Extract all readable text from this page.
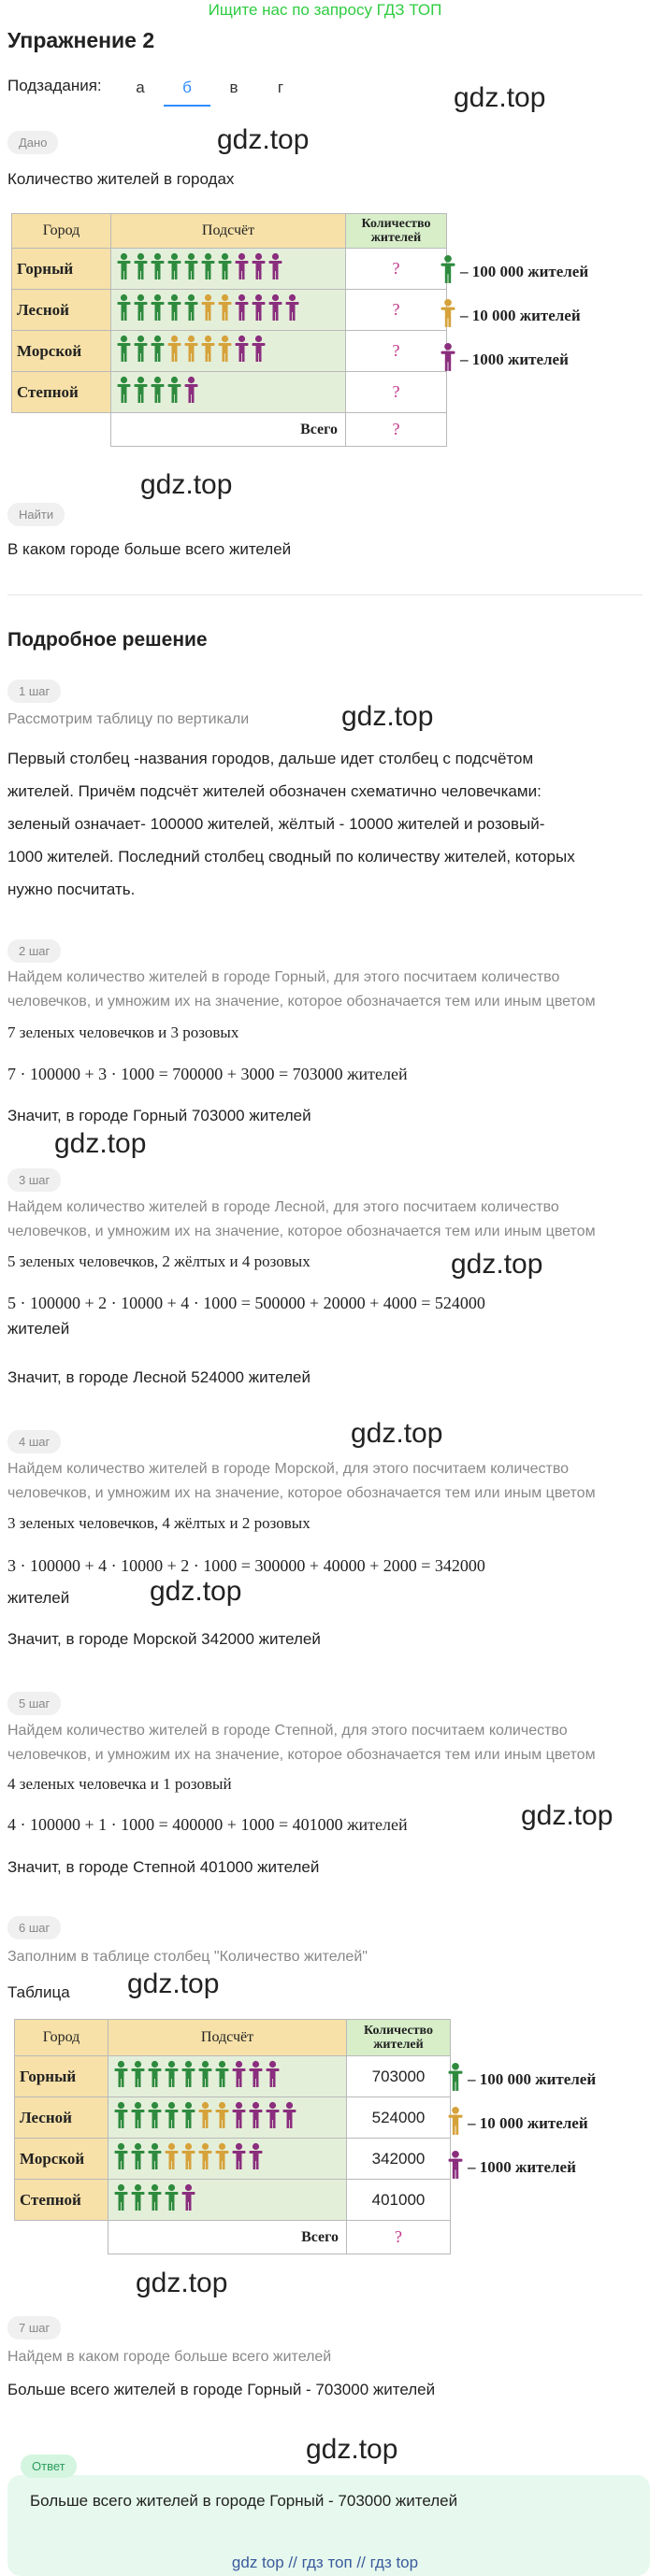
Ищите нас по запросу ГДЗ ТОП
Упражнение 2
Подзадания:	а	б	в	г	gdz.top
Дано	gdz.top
Количество жителей в городах
Город	Подсчёт	Количество жителей
Горный		?
Лесной		?
Морской		?
Степной		?
	Всего	?
– 100 000 жителей
– 10 000 жителей
– 1000 жителей
gdz.top
Найти
В каком городе больше всего жителей
Подробное решение
1 шаг
Рассмотрим таблицу по вертикали	gdz.top
Первый столбец -названия городов, дальше идет столбец с подсчётом
жителей. Причём подсчёт жителей обозначен схематично человечками:
зеленый означает- 100000 жителей, жёлтый - 10000 жителей и розовый-
1000 жителей. Последний столбец сводный по количеству жителей, которых
нужно посчитать.
2 шаг
Найдем количество жителей в городе Горный, для этого посчитаем количество
человечков, и умножим их на значение, которое обозначается тем или иным цветом
7 зеленых человечков и 3 розовых
7 · 100000 + 3 · 1000 = 700000 + 3000 = 703000 жителей
Значит, в городе Горный 703000 жителей
gdz.top
3 шаг
Найдем количество жителей в городе Лесной, для этого посчитаем количество
человечков, и умножим их на значение, которое обозначается тем или иным цветом
5 зеленых человечков, 2 жёлтых и 4 розовых	gdz.top
5 · 100000 + 2 · 10000 + 4 · 1000 = 500000 + 20000 + 4000 = 524000
жителей
Значит, в городе Лесной 524000 жителей
gdz.top
4 шаг
Найдем количество жителей в городе Морской, для этого посчитаем количество
человечков, и умножим их на значение, которое обозначается тем или иным цветом
3 зеленых человечков, 4 жёлтых и 2 розовых
3 · 100000 + 4 · 10000 + 2 · 1000 = 300000 + 40000 + 2000 = 342000
жителей	gdz.top
Значит, в городе Морской 342000 жителей
5 шаг
Найдем количество жителей в городе Степной, для этого посчитаем количество
человечков, и умножим их на значение, которое обозначается тем или иным цветом
4 зеленых человечка и 1 розовый
4 · 100000 + 1 · 1000 = 400000 + 1000 = 401000 жителей	gdz.top
Значит, в городе Степной 401000 жителей
6 шаг
Заполним в таблице столбец "Количество жителей"
gdz.top
Таблица
Город	Подсчёт	Количество жителей
Горный		703000
Лесной		524000
Морской		342000
Степной		401000
	Всего	?
– 100 000 жителей
– 10 000 жителей
– 1000 жителей
gdz.top
7 шаг
Найдем в каком городе больше всего жителей
Больше всего жителей в городе Горный - 703000 жителей
Ответ
gdz.top
Больше всего жителей в городе Горный - 703000 жителей
gdz top // гдз топ // гдз top
